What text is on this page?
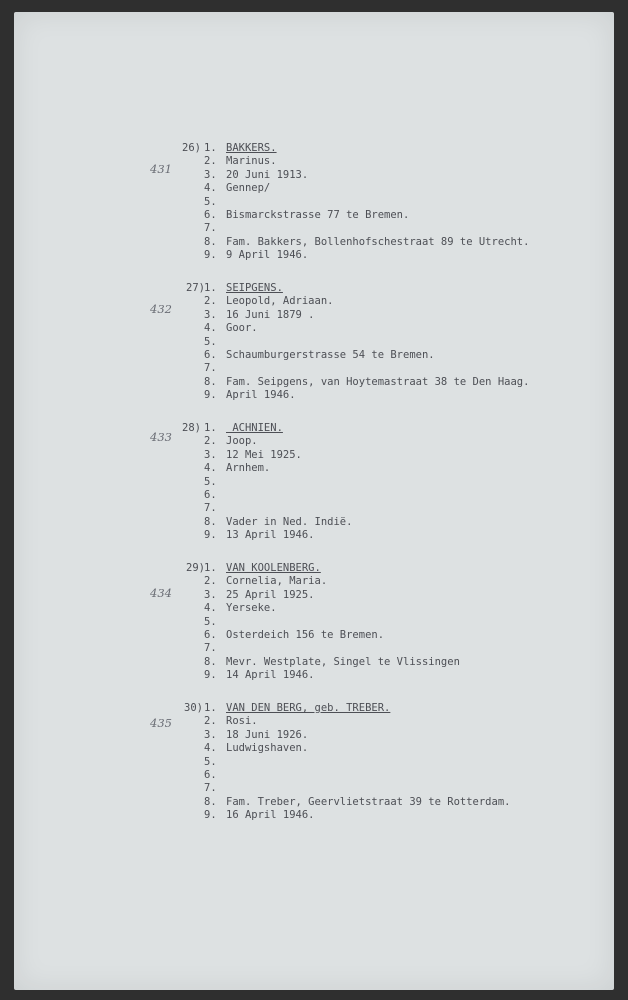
26)
431
1. BAKKERS.
2. Marinus.
3. 20 Juni 1913.
4. Gennep/
5.
6. Bismarckstrasse 77 te Bremen.
7.
8. Fam. Bakkers, Bollenhofschestraat 89 te Utrecht.
9. 9 April 1946.
27)
432
1. SEIPGENS.
2. Leopold, Adriaan.
3. 16 Juni 1879 .
4. Goor.
5.
6. Schaumburgerstrasse 54 te Bremen.
7.
8. Fam. Seipgens, van Hoytemastraat 38 te Den Haag.
9. April 1946.
28)
433
1. ACHNIEN.
2. Joop.
3. 12 Mei 1925.
4. Arnhem.
5.
6.
7.
8. Vader in Ned. Indië.
9. 13 April 1946.
29)
434
1. VAN KOOLENBERG.
2. Cornelia, Maria.
3. 25 April 1925.
4. Yerseke.
5.
6. Osterdeich 156 te Bremen.
7.
8. Mevr. Westplate, Singel te Vlissingen
9. 14 April 1946.
30)
435
1. VAN DEN BERG, geb. TREBER.
2. Rosi.
3. 18 Juni 1926.
4. Ludwigshaven.
5.
6.
7.
8. Fam. Treber, Geervlietstraat 39 te Rotterdam.
9. 16 April 1946.
